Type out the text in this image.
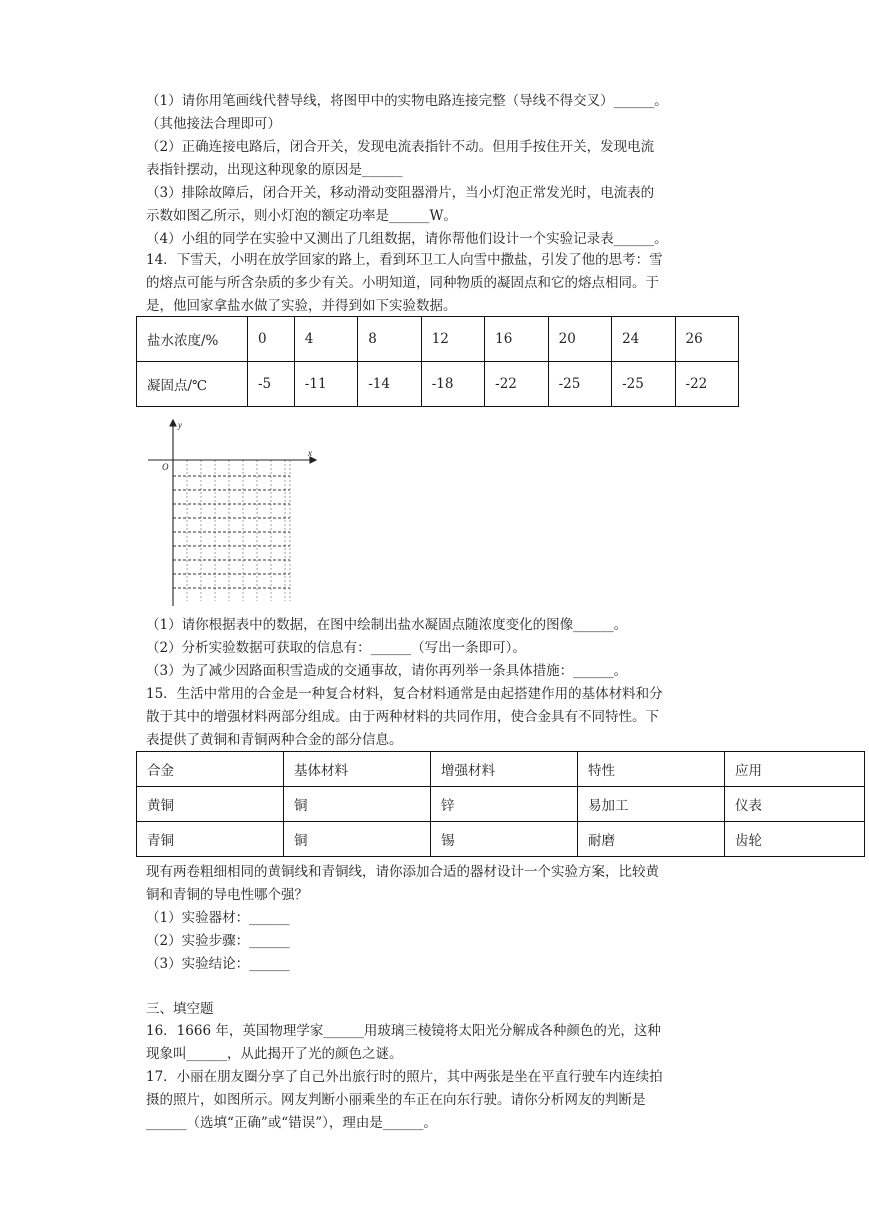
（1）请你用笔画线代替导线，将图甲中的实物电路连接完整（导线不得交叉）______。
（其他接法合理即可）
（2）正确连接电路后，闭合开关，发现电流表指针不动。但用手按住开关，发现电流
表指针摆动，出现这种现象的原因是______
（3）排除故障后，闭合开关，移动滑动变阻器滑片，当小灯泡正常发光时，电流表的
示数如图乙所示，则小灯泡的额定功率是______W。
（4）小组的同学在实验中又测出了几组数据，请你帮他们设计一个实验记录表______。
14．下雪天，小明在放学回家的路上，看到环卫工人向雪中撒盐，引发了他的思考：雪
的熔点可能与所含杂质的多少有关。小明知道，同种物质的凝固点和它的熔点相同。于
是，他回家拿盐水做了实验，并得到如下实验数据。
盐水浓度/%	0	4	8	12	16	20	24	26
凝固点/℃	-5	-11	-14	-18	-22	-25	-25	-22
y
x
O
（1）请你根据表中的数据，在图中绘制出盐水凝固点随浓度变化的图像______。
（2）分析实验数据可获取的信息有：______（写出一条即可）。
（3）为了减少因路面积雪造成的交通事故，请你再列举一条具体措施：______。
15．生活中常用的合金是一种复合材料，复合材料通常是由起搭建作用的基体材料和分
散于其中的增强材料两部分组成。由于两种材料的共同作用，使合金具有不同特性。下
表提供了黄铜和青铜两种合金的部分信息。
合金	基体材料	增强材料	特性	应用
黄铜	铜	锌	易加工	仪表
青铜	铜	锡	耐磨	齿轮
现有两卷粗细相同的黄铜线和青铜线，请你添加合适的器材设计一个实验方案，比较黄
铜和青铜的导电性哪个强？
（1）实验器材：______
（2）实验步骤：______
（3）实验结论：______
三、填空题
16．1666 年，英国物理学家______用玻璃三棱镜将太阳光分解成各种颜色的光，这种
现象叫______，从此揭开了光的颜色之谜。
17．小丽在朋友圈分享了自己外出旅行时的照片，其中两张是坐在平直行驶车内连续拍
摄的照片，如图所示。网友判断小丽乘坐的车正在向东行驶。请你分析网友的判断是
______（选填“正确”或“错误”），理由是______。
